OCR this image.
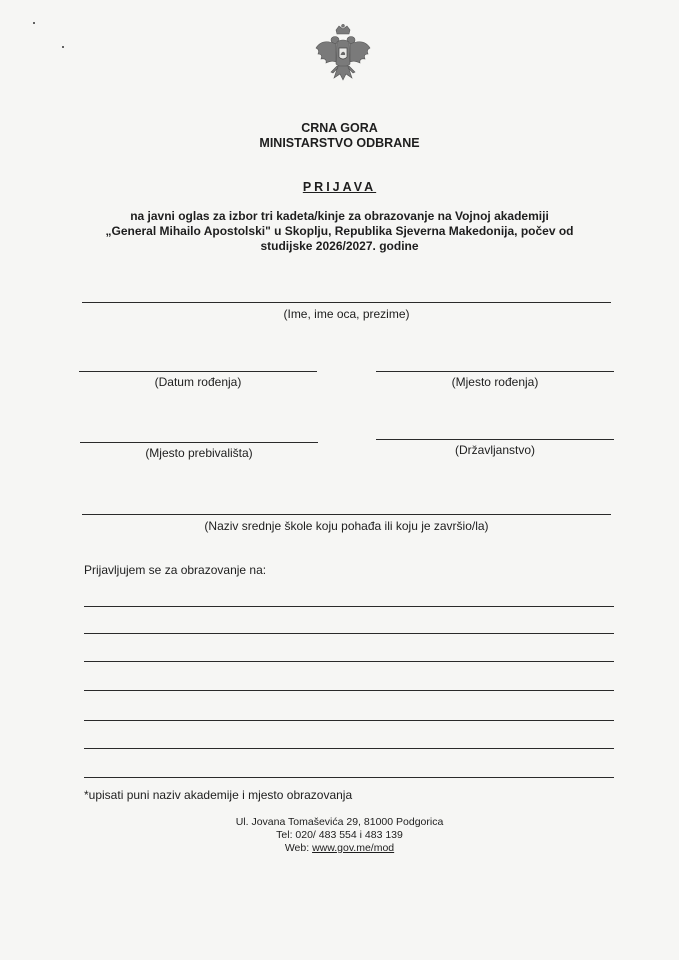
CRNA GORA
MINISTARSTVO ODBRANE
PRIJAVA
na javni oglas za izbor tri kadeta/kinje za obrazovanje na Vojnoj akademiji
„General Mihailo Apostolski" u Skoplju, Republika Sjeverna Makedonija, počev od
studijske 2026/2027. godine
(Ime, ime oca, prezime)
(Datum rođenja)	(Mjesto rođenja)
(Mjesto prebivališta)	(Državljanstvo)
(Naziv srednje škole koju pohađa ili koju je završio/la)
Prijavljujem se za obrazovanje na:
*upisati puni naziv akademije i mjesto obrazovanja
Ul. Jovana Tomaševića 29, 81000 Podgorica
Tel: 020/ 483 554 i 483 139
Web: www.gov.me/mod
